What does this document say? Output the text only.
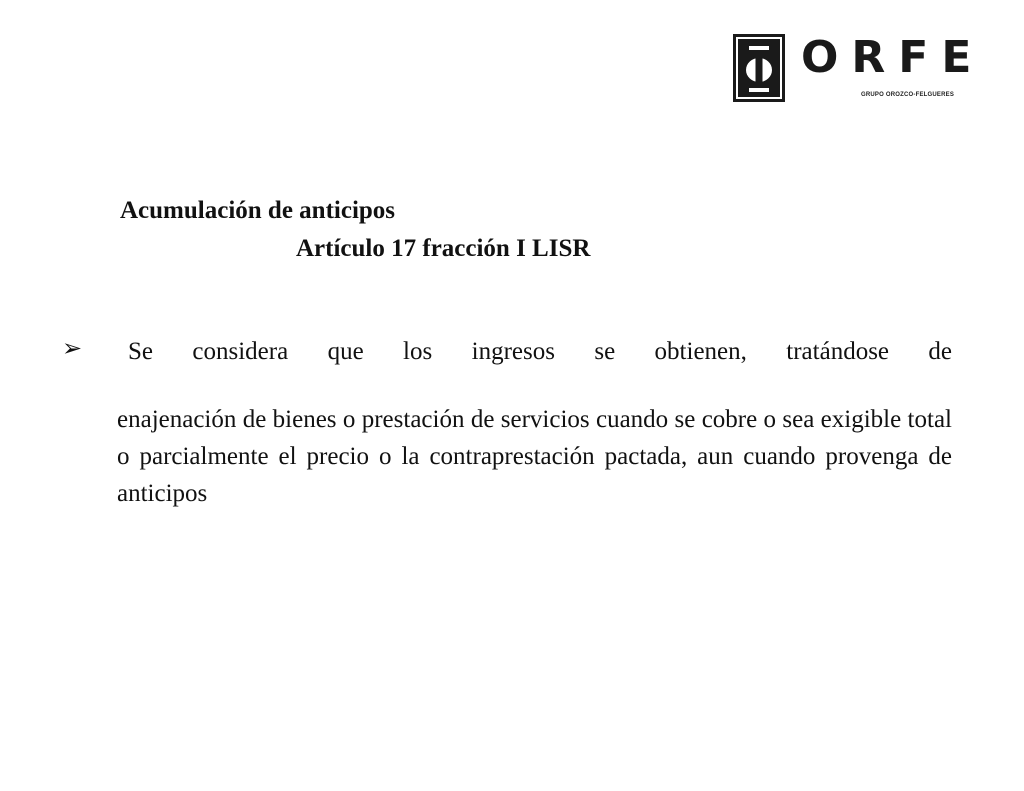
ORFE
GRUPO OROZCO-FELGUERES
Acumulación de anticipos
Artículo 17 fracción I LISR
➢ Se considera que los ingresos se obtienen, tratándose de
enajenación de bienes o prestación de servicios cuando se cobre o sea exigible total o parcialmente el precio o la contraprestación pactada, aun cuando provenga de anticipos
